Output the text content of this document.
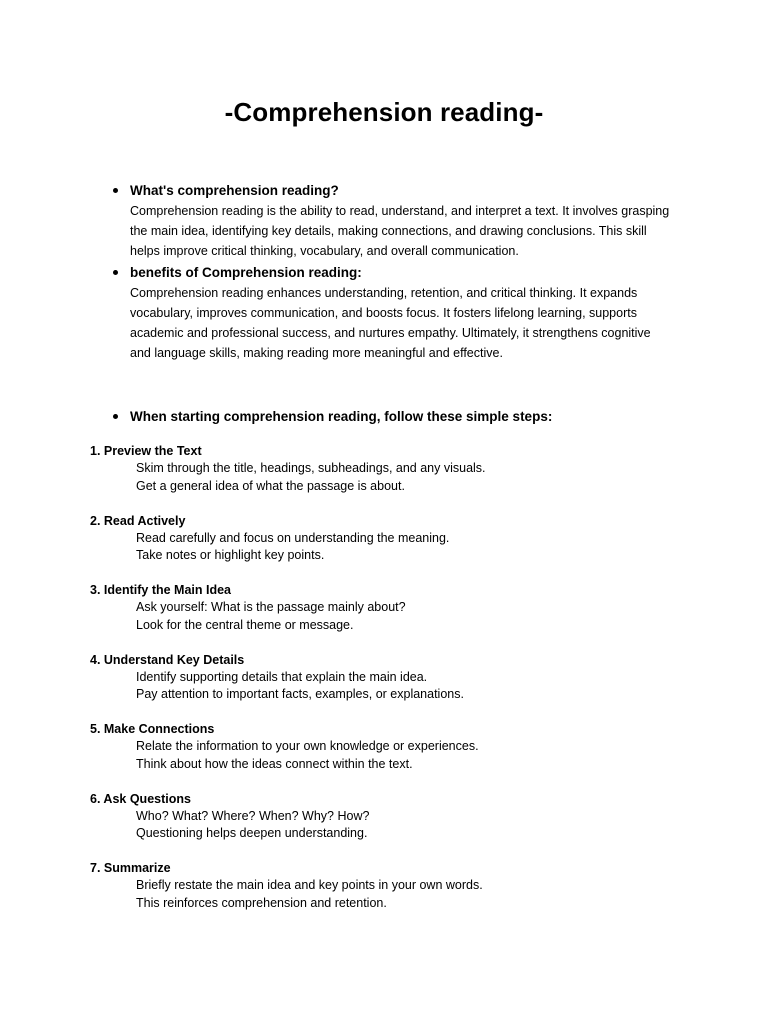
-Comprehension reading-
What's comprehension reading?
Comprehension reading is the ability to read, understand, and interpret a text. It involves grasping
the main idea, identifying key details, making connections, and drawing conclusions. This skill
helps improve critical thinking, vocabulary, and overall communication.
benefits of Comprehension reading:
Comprehension reading enhances understanding, retention, and critical thinking. It expands
vocabulary, improves communication, and boosts focus. It fosters lifelong learning, supports
academic and professional success, and nurtures empathy. Ultimately, it strengthens cognitive
and language skills, making reading more meaningful and effective.
When starting comprehension reading, follow these simple steps:
1. Preview the Text
Skim through the title, headings, subheadings, and any visuals.
Get a general idea of what the passage is about.
2. Read Actively
Read carefully and focus on understanding the meaning.
Take notes or highlight key points.
3. Identify the Main Idea
Ask yourself: What is the passage mainly about?
Look for the central theme or message.
4. Understand Key Details
Identify supporting details that explain the main idea.
Pay attention to important facts, examples, or explanations.
5. Make Connections
Relate the information to your own knowledge or experiences.
Think about how the ideas connect within the text.
6. Ask Questions
Who? What? Where? When? Why? How?
Questioning helps deepen understanding.
7. Summarize
Briefly restate the main idea and key points in your own words.
This reinforces comprehension and retention.
